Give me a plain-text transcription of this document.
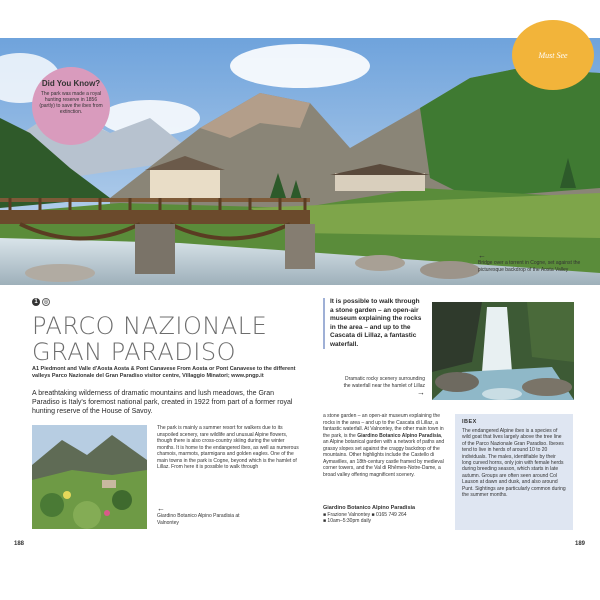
Did You Know?
The park was made a royal hunting reserve in 1856 (partly) to save the ibex from extinction.
Must See
←
Bridge over a torrent in Cogne, set against the picturesque backdrop of the Aosta Valley
1	◎
PARCO NAZIONALE GRAN PARADISO
A1 Piedmont and Valle d'Aosta Aosta & Pont Canavese From Aosta or Pont Canavese to the different valleys Parco Nazionale del Gran Paradiso visitor centre, Villaggio Minatori; www.pngp.it
A breathtaking wilderness of dramatic mountains and lush meadows, the Gran Paradiso is Italy's foremost national park, created in 1922 from part of a former royal hunting reserve of the House of Savoy.
The park is mainly a summer resort for walkers due to its unspoiled scenery, rare wildlife and unusual Alpine flowers, though there is also cross-country skiing during the winter months. It is home to the endangered ibex, as well as numerous chamois, marmots, ptarmigans and golden eagles. One of the main towns in the park is Cogne, beyond which is the hamlet of Lillaz. From here it is possible to walk through
←
Giardino Botanico Alpino Paradisia at Valnontey
188
It is possible to walk through a stone garden – an open-air museum explaining the rocks in the area – and up to the Cascata di Lillaz, a fantastic waterfall.
Dramatic rocky scenery surrounding the waterfall near the hamlet of Lillaz
→
a stone garden – an open-air museum explaining the rocks in the area – and up to the Cascata di Lillaz, a fantastic waterfall. At Valnontey, the other main town in the park, is the Giardino Botanico Alpino Paradisia, an Alpine botanical garden with a network of paths and grassy slopes set against the craggy backdrop of the mountains. Other highlights include the Castello di Aymavilles, an 18th-century castle framed by medieval corner towers, and the Val di Rhêmes-Notre-Dame, a broad valley offering magnificent scenery.
Giardino Botanico Alpino Paradisia
■ Frazione Valnontey ■ 0165 749 264
■ 10am–5:30pm daily
IBEX
The endangered Alpine ibex is a species of wild goat that lives largely above the tree line of the Parco Nazionale Gran Paradiso. Ibexes tend to live in herds of around 10 to 20 individuals. The males, identifiable by their long curved horns, only join with female herds during breeding season, which starts in late autumn. Groups are often seen around Col Lauson at dawn and dusk, and also around Punt. Sightings are particularly common during the summer months.
189
